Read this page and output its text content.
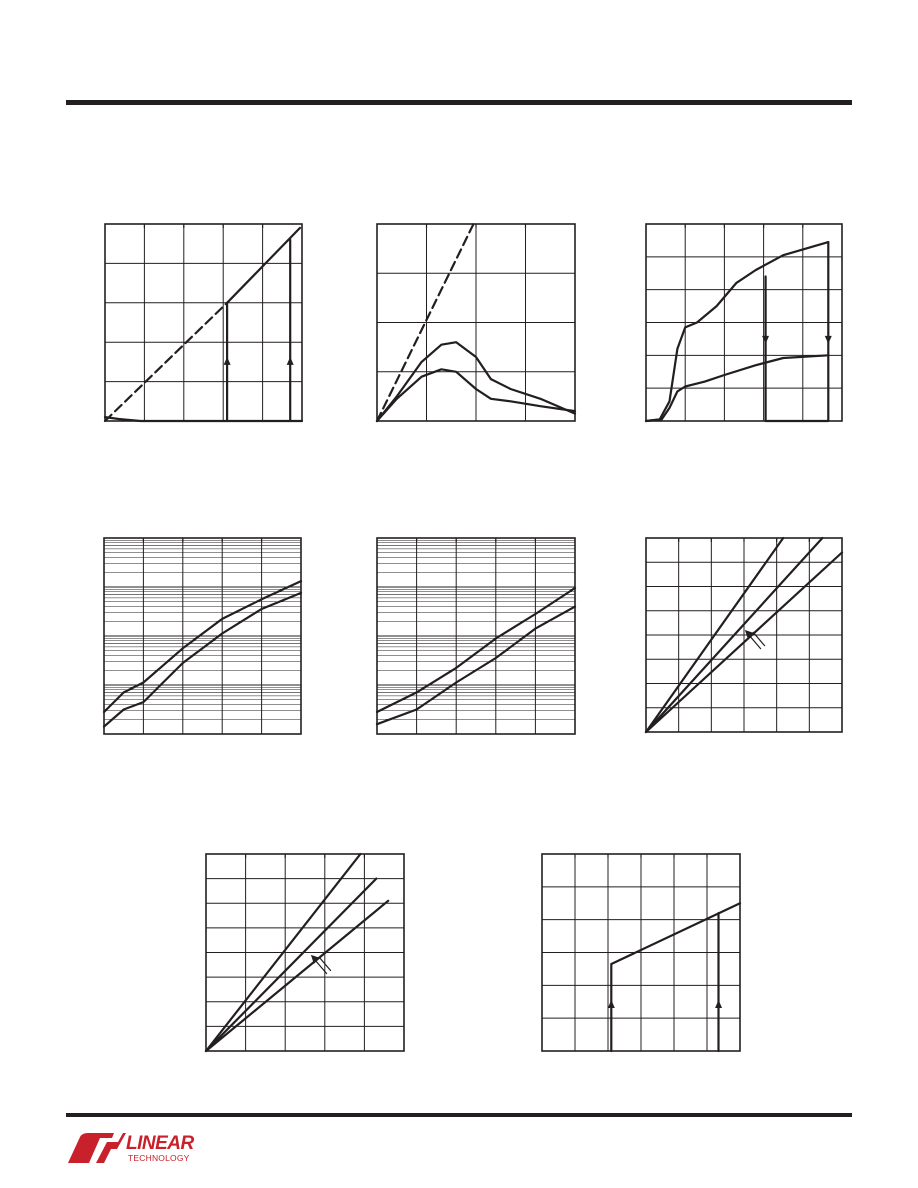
LINEAR
TECHNOLOGY
